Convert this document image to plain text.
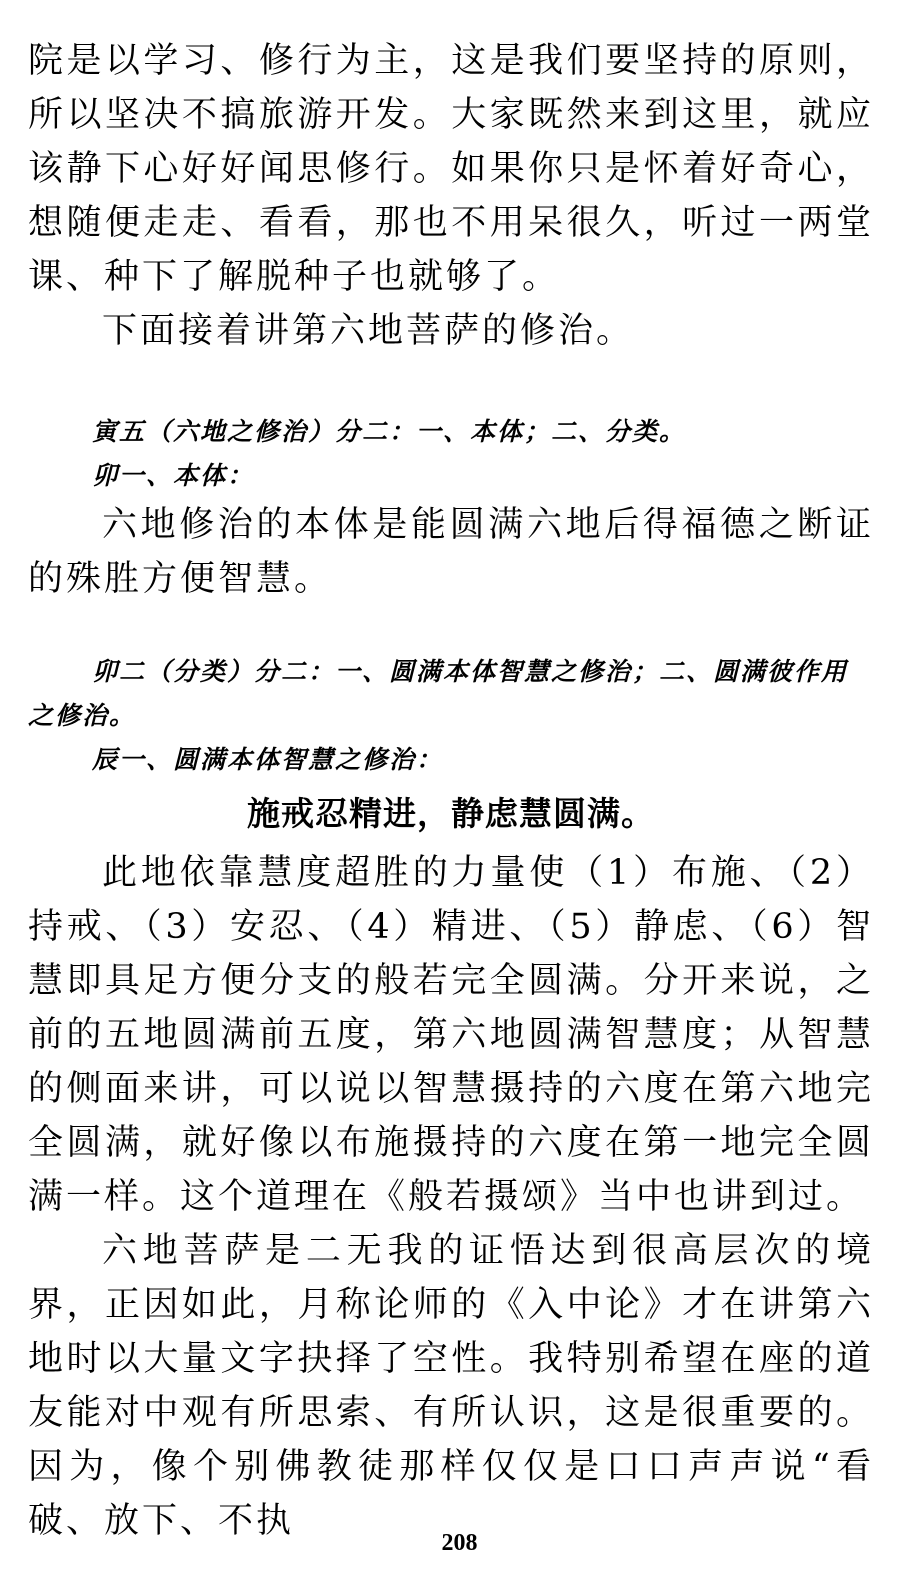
院是以学习、修行为主，这是我们要坚持的原则，所以坚决不搞旅游开发。大家既然来到这里，就应该静下心好好闻思修行。如果你只是怀着好奇心，想随便走走、看看，那也不用呆很久，听过一两堂课、种下了解脱种子也就够了。

下面接着讲第六地菩萨的修治。

寅五（六地之修治）分二：一、本体；二、分类。

卯一、本体：

六地修治的本体是能圆满六地后得福德之断证的殊胜方便智慧。

卯二（分类）分二：一、圆满本体智慧之修治；二、圆满彼作用之修治。

辰一、圆满本体智慧之修治：

施戒忍精进，静虑慧圆满。

此地依靠慧度超胜的力量使（1）布施、（2）持戒、（3）安忍、（4）精进、（5）静虑、（6）智慧即具足方便分支的般若完全圆满。分开来说，之前的五地圆满前五度，第六地圆满智慧度；从智慧的侧面来讲，可以说以智慧摄持的六度在第六地完全圆满，就好像以布施摄持的六度在第一地完全圆满一样。这个道理在《般若摄颂》当中也讲到过。

六地菩萨是二无我的证悟达到很高层次的境界，正因如此，月称论师的《入中论》才在讲第六地时以大量文字抉择了空性。我特别希望在座的道友能对中观有所思索、有所认识，这是很重要的。因为，像个别佛教徒那样仅仅是口口声声说“看破、放下、不执

208
